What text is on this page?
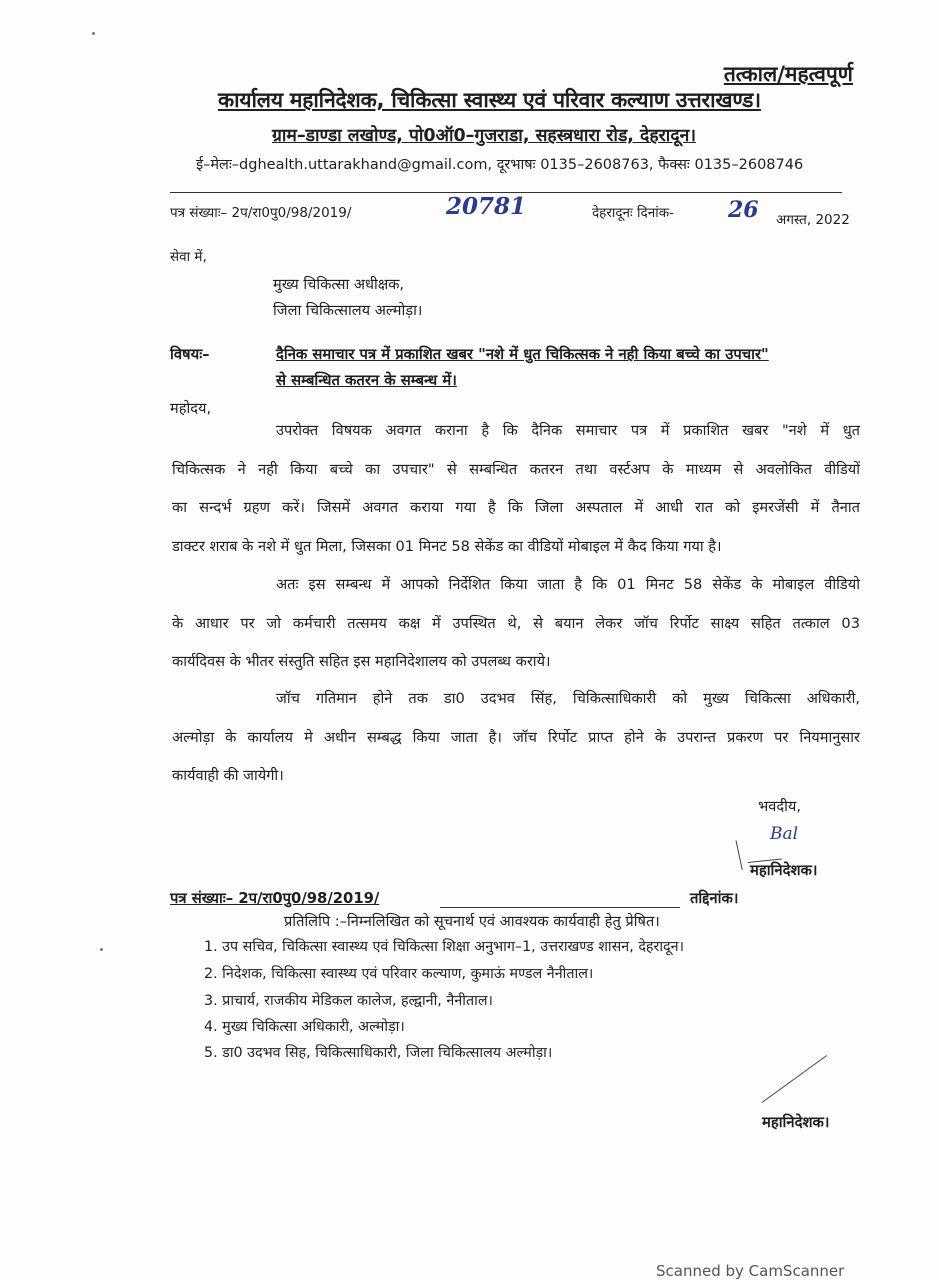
तत्काल/महत्वपूर्ण
कार्यालय महानिदेशक, चिकित्सा स्वास्थ्य एवं परिवार कल्याण उत्तराखण्ड।
ग्राम–डाण्डा लखोण्ड, पो0ऑ0–गुजराडा, सहस्त्रधारा रोड, देहरादून।
ई–मेलः–dghealth.uttarakhand@gmail.com, दूरभाषः 0135–2608763, फैक्सः 0135–2608746
पत्र संख्याः– 2प/रा0पु0/98/2019/	20781	देहरादूनः दिनांक- 26 अगस्त, 2022
सेवा में,
मुख्य चिकित्सा अधीक्षक,
जिला चिकित्सालय अल्मोड़ा।
विषयः–	दैनिक समाचार पत्र में प्रकाशित खबर "नशे में धुत चिकित्सक ने नही किया बच्चे का उपचार"
से सम्बन्धित कतरन के सम्बन्ध में।
महोदय,
उपरोक्त विषयक अवगत कराना है कि दैनिक समाचार पत्र में प्रकाशित खबर "नशे में धुत
चिकित्सक ने नही किया बच्चे का उपचार" से सम्बन्धित कतरन तथा वर्स्टअप के माध्यम से अवलोकित वीडियों
का सन्दर्भ ग्रहण करें। जिसमें अवगत कराया गया है कि जिला अस्पताल में आधी रात को इमरजेंसी में तैनात
डाक्टर शराब के नशे में धुत मिला, जिसका 01 मिनट 58 सेकेंड का वीडियों मोबाइल में कैद किया गया है।
अतः इस सम्बन्ध में आपको निर्देशित किया जाता है कि 01 मिनट 58 सेकेंड के मोबाइल वीडियो
के आधार पर जो कर्मचारी तत्समय कक्ष में उपस्थित थे, से बयान लेकर जॉच रिर्पोट साक्ष्य सहित तत्काल 03
कार्यदिवस के भीतर संस्तुति सहित इस महानिदेशालय को उपलब्ध कराये।
जॉच गतिमान होने तक डा0 उदभव सिंह, चिकित्साधिकारी को मुख्य चिकित्सा अधिकारी,
अल्मोड़ा के कार्यालय मे अधीन सम्बद्ध किया जाता है। जॉच रिर्पोट प्राप्त होने के उपरान्त प्रकरण पर नियमानुसार
कार्यवाही की जायेगी।
भवदीय,
Bal
महानिदेशक।
पत्र संख्याः– 2प/रा0पु0/98/2019/	तद्दिनांक।
प्रतिलिपि :–निम्नलिखित को सूचनार्थ एवं आवश्यक कार्यवाही हेतु प्रेषित।
1. उप सचिव, चिकित्सा स्वास्थ्य एवं चिकित्सा शिक्षा अनुभाग–1, उत्तराखण्ड शासन, देहरादून।
2. निदेशक, चिकित्सा स्वास्थ्य एवं परिवार कल्याण, कुमाऊं मण्डल नैनीताल।
3. प्राचार्य, राजकीय मेडिकल कालेज, हल्द्वानी, नैनीताल।
4. मुख्य चिकित्सा अधिकारी, अल्मोड़ा।
5. डा0 उदभव सिह, चिकित्साधिकारी, जिला चिकित्सालय अल्मोड़ा।
महानिदेशक।
Scanned by CamScanner
